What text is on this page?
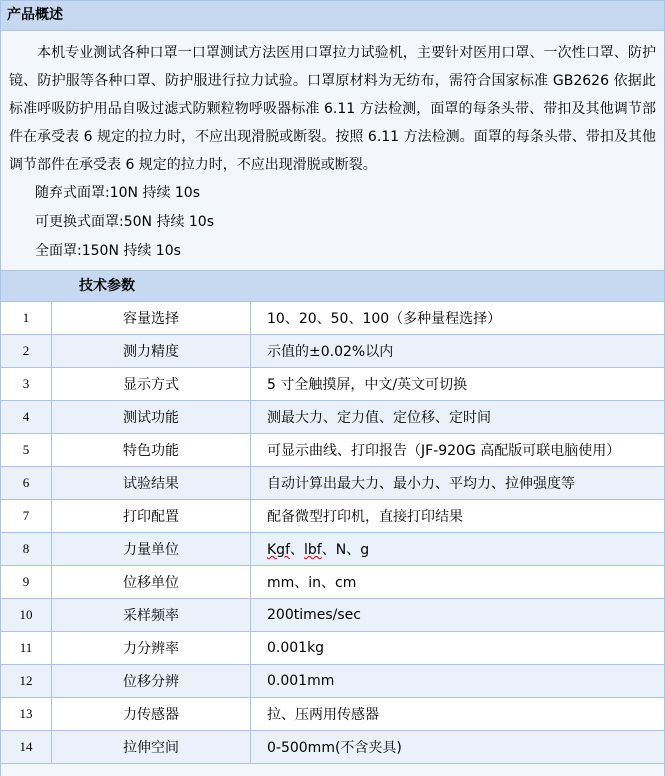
产品概述

本机专业测试各种口罩一口罩测试方法医用口罩拉力试验机，主要针对医用口罩、一次性口罩、防护镜、防护服等各种口罩、防护服进行拉力试验。口罩原材料为无纺布，需符合国家标准 GB2626 依据此标准呼吸防护用品自吸过滤式防颗粒物呼吸器标准 6.11 方法检测，面罩的每条头带、带扣及其他调节部件在承受表 6 规定的拉力时，不应出现滑脱或断裂。按照 6.11 方法检测。面罩的每条头带、带扣及其他调节部件在承受表 6 规定的拉力时，不应出现滑脱或断裂。

随弃式面罩:10N 持续 10s

可更换式面罩:50N 持续 10s

全面罩:150N 持续 10s

技术参数
1	容量选择	10、20、50、100（多种量程选择）
2	测力精度	示值的±0.02%以内
3	显示方式	5 寸全触摸屏，中文/英文可切换
4	测试功能	测最大力、定力值、定位移、定时间
5	特色功能	可显示曲线、打印报告（JF-920G 高配版可联电脑使用）
6	试验结果	自动计算出最大力、最小力、平均力、拉伸强度等
7	打印配置	配备微型打印机，直接打印结果
8	力量单位	Kgf、lbf、N、g
9	位移单位	mm、in、cm
10	采样频率	200times/sec
11	力分辨率	0.001kg
12	位移分辨	0.001mm
13	力传感器	拉、压两用传感器
14	拉伸空间	0-500mm(不含夹具)
